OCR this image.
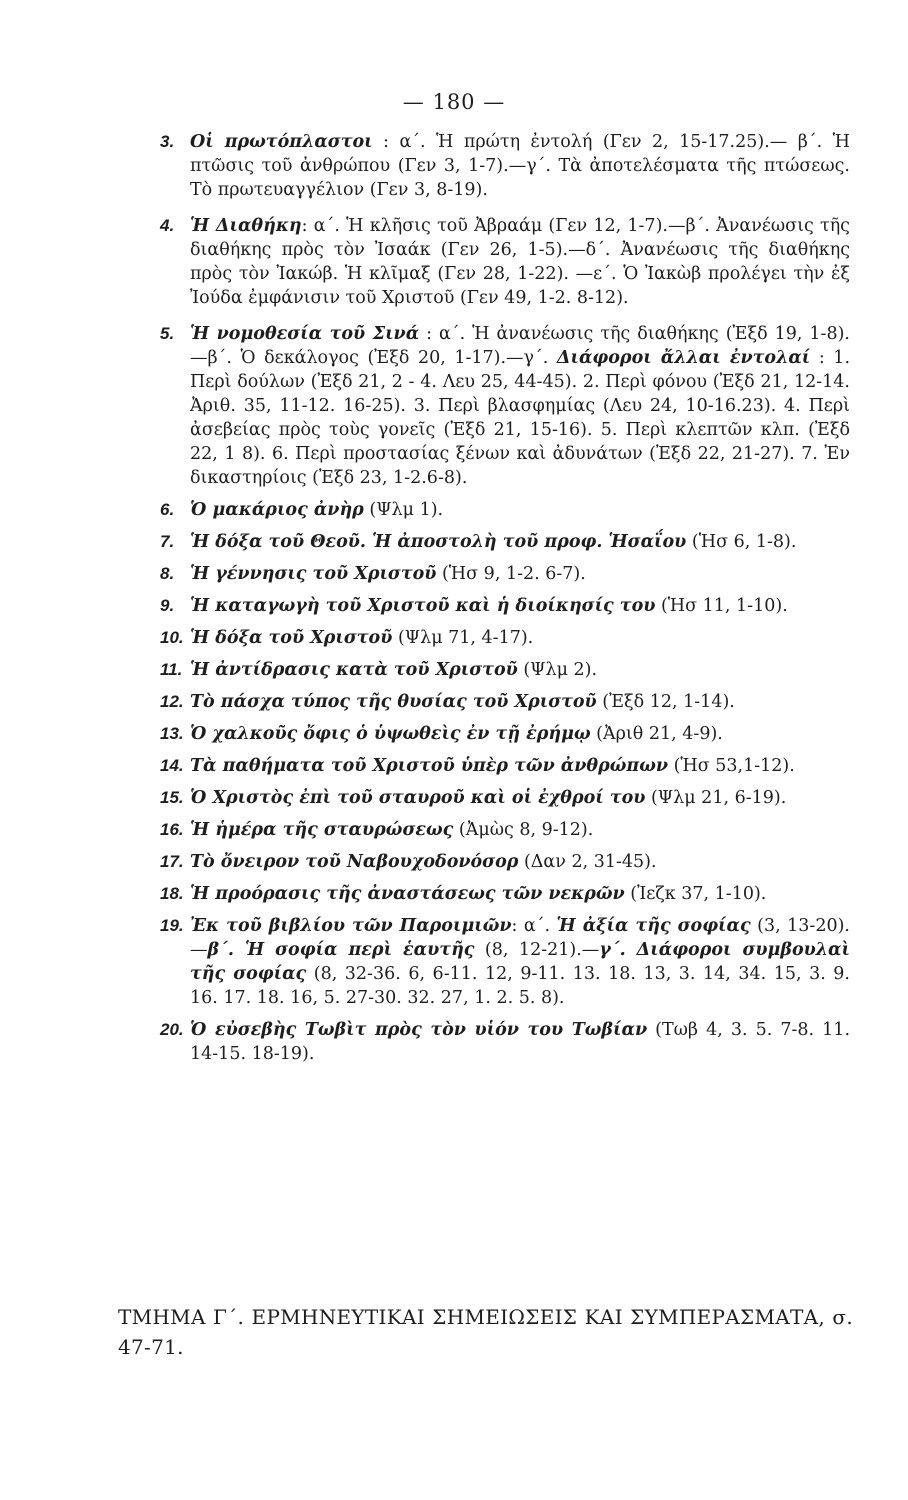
— 180 —
3. Οἱ πρωτόπλαστοι : α΄. Ἡ πρώτη ἐντολή (Γεν 2, 15-17.25).— β΄. Ἡ πτῶσις τοῦ ἀνθρώπου (Γεν 3, 1-7).—γ΄. Τὰ ἀποτελέσματα τῆς πτώσεως. Τὸ πρωτευαγγέλιον (Γεν 3, 8-19).
4. Ἡ Διαθήκη: α΄. Ἡ κλῆσις τοῦ Ἀβραάμ (Γεν 12, 1-7).—β΄. Ἀνανέωσις τῆς διαθήκης πρὸς τὸν Ἰσαάκ (Γεν 26, 1-5).—δ΄. Ἀνανέωσις τῆς διαθήκης πρὸς τὸν Ἰακώβ. Ἡ κλῖμαξ (Γεν 28, 1-22). —ε΄. Ὁ Ἰακὼβ προλέγει τὴν ἐξ Ἰούδα ἐμφάνισιν τοῦ Χριστοῦ (Γεν 49, 1-2. 8-12).
5. Ἡ νομοθεσία τοῦ Σινά : α΄. Ἡ ἀνανέωσις τῆς διαθήκης (Ἐξδ 19, 1-8).—β΄. Ὁ δεκάλογος (Ἐξδ 20, 1-17).—γ΄. Διάφοροι ἄλλαι ἐντολαί : 1. Περὶ δούλων (Ἐξδ 21, 2 - 4. Λευ 25, 44-45). 2. Περὶ φόνου (Ἐξδ 21, 12-14. Ἀριθ. 35, 11-12. 16-25). 3. Περὶ βλασφημίας (Λευ 24, 10-16.23). 4. Περὶ ἀσεβείας πρὸς τοὺς γονεῖς (Ἐξδ 21, 15-16). 5. Περὶ κλεπτῶν κλπ. (Ἐξδ 22, 1 8). 6. Περὶ προστασίας ξένων καὶ ἀδυνάτων (Ἐξδ 22, 21-27). 7. Ἐν δικαστηρίοις (Ἐξδ 23, 1-2.6-8).
6. Ὁ μακάριος ἀνὴρ (Ψλμ 1).
7. Ἡ δόξα τοῦ Θεοῦ. Ἡ ἀποστολὴ τοῦ προφ. Ἡσαΐου (Ἡσ 6, 1-8).
8. Ἡ γέννησις τοῦ Χριστοῦ (Ἡσ 9, 1-2. 6-7).
9. Ἡ καταγωγὴ τοῦ Χριστοῦ καὶ ἡ διοίκησίς του (Ἡσ 11, 1-10).
10. Ἡ δόξα τοῦ Χριστοῦ (Ψλμ 71, 4-17).
11. Ἡ ἀντίδρασις κατὰ τοῦ Χριστοῦ (Ψλμ 2).
12. Τὸ πάσχα τύπος τῆς θυσίας τοῦ Χριστοῦ (Ἐξδ 12, 1-14).
13. Ὁ χαλκοῦς ὄφις ὁ ὑψωθεὶς ἐν τῇ ἐρήμῳ (Ἀριθ 21, 4-9).
14. Τὰ παθήματα τοῦ Χριστοῦ ὑπὲρ τῶν ἀνθρώπων (Ἡσ 53,1-12).
15. Ὁ Χριστὸς ἐπὶ τοῦ σταυροῦ καὶ οἱ ἐχθροί του (Ψλμ 21, 6-19).
16. Ἡ ἡμέρα τῆς σταυρώσεως (Ἀμὼς 8, 9-12).
17. Τὸ ὄνειρον τοῦ Ναβουχοδονόσορ (Δαν 2, 31-45).
18. Ἡ προόρασις τῆς ἀναστάσεως τῶν νεκρῶν (Ἰεζκ 37, 1-10).
19. Ἐκ τοῦ βιβλίου τῶν Παροιμιῶν: α΄. Ἡ ἀξία τῆς σοφίας (3, 13-20).—β΄. Ἡ σοφία περὶ ἑαυτῆς (8, 12-21).—γ΄. Διάφοροι συμβουλαὶ τῆς σοφίας (8, 32-36. 6, 6-11. 12, 9-11. 13. 18. 13, 3. 14, 34. 15, 3. 9. 16. 17. 18. 16, 5. 27-30. 32. 27, 1. 2. 5. 8).
20. Ὁ εὐσεβὴς Τωβὶτ πρὸς τὸν υἱόν του Τωβίαν (Τωβ 4, 3. 5. 7-8. 11. 14-15. 18-19).
ΤΜΗΜΑ Γ΄. ΕΡΜΗΝΕΥΤΙΚΑΙ ΣΗΜΕΙΩΣΕΙΣ ΚΑΙ ΣΥΜΠΕΡΑΣΜΑΤΑ, σ. 47-71.
